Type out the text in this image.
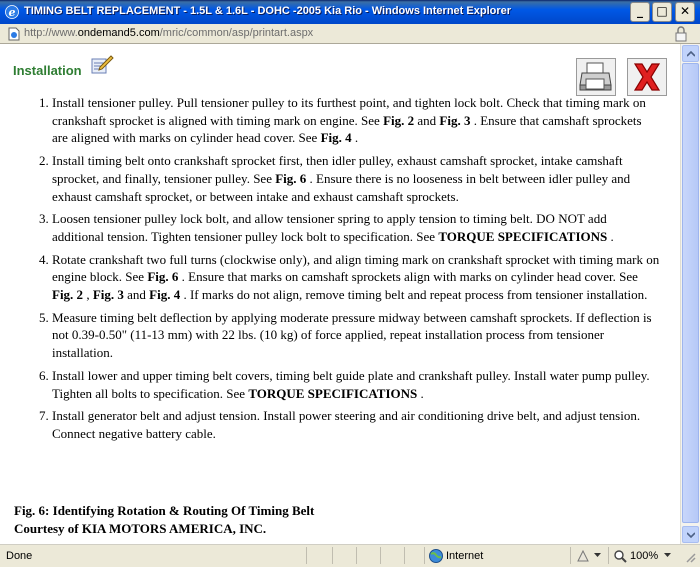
e TIMING BELT REPLACEMENT - 1.5L & 1.6L - DOHC -2005 Kia Rio - Windows Internet Explorer	_	□	✕
http://www.ondemand5.com/mric/common/asp/printart.aspx
Installation
1. Install tensioner pulley. Pull tensioner pulley to its furthest point, and tighten lock bolt. Check that timing mark on crankshaft sprocket is aligned with timing mark on engine. See Fig. 2 and Fig. 3 . Ensure that camshaft sprockets are aligned with marks on cylinder head cover. See Fig. 4 .
2. Install timing belt onto crankshaft sprocket first, then idler pulley, exhaust camshaft sprocket, intake camshaft sprocket, and finally, tensioner pulley. See Fig. 6 . Ensure there is no looseness in belt between idler pulley and exhaust camshaft sprocket, or between intake and exhaust camshaft sprockets.
3. Loosen tensioner pulley lock bolt, and allow tensioner spring to apply tension to timing belt. DO NOT add additional tension. Tighten tensioner pulley lock bolt to specification. See TORQUE SPECIFICATIONS .
4. Rotate crankshaft two full turns (clockwise only), and align timing mark on crankshaft sprocket with timing mark on engine block. See Fig. 6 . Ensure that marks on camshaft sprockets align with marks on cylinder head cover. See Fig. 2 , Fig. 3 and Fig. 4 . If marks do not align, remove timing belt and repeat process from tensioner installation.
5. Measure timing belt deflection by applying moderate pressure midway between camshaft sprockets. If deflection is not 0.39-0.50" (11-13 mm) with 22 lbs. (10 kg) of force applied, repeat installation process from tensioner installation.
6. Install lower and upper timing belt covers, timing belt guide plate and crankshaft pulley. Install water pump pulley. Tighten all bolts to specification. See TORQUE SPECIFICATIONS .
7. Install generator belt and adjust tension. Install power steering and air conditioning drive belt, and adjust tension. Connect negative battery cable.
Fig. 6: Identifying Rotation & Routing Of Timing Belt
Courtesy of KIA MOTORS AMERICA, INC.
Done	Internet	100%
